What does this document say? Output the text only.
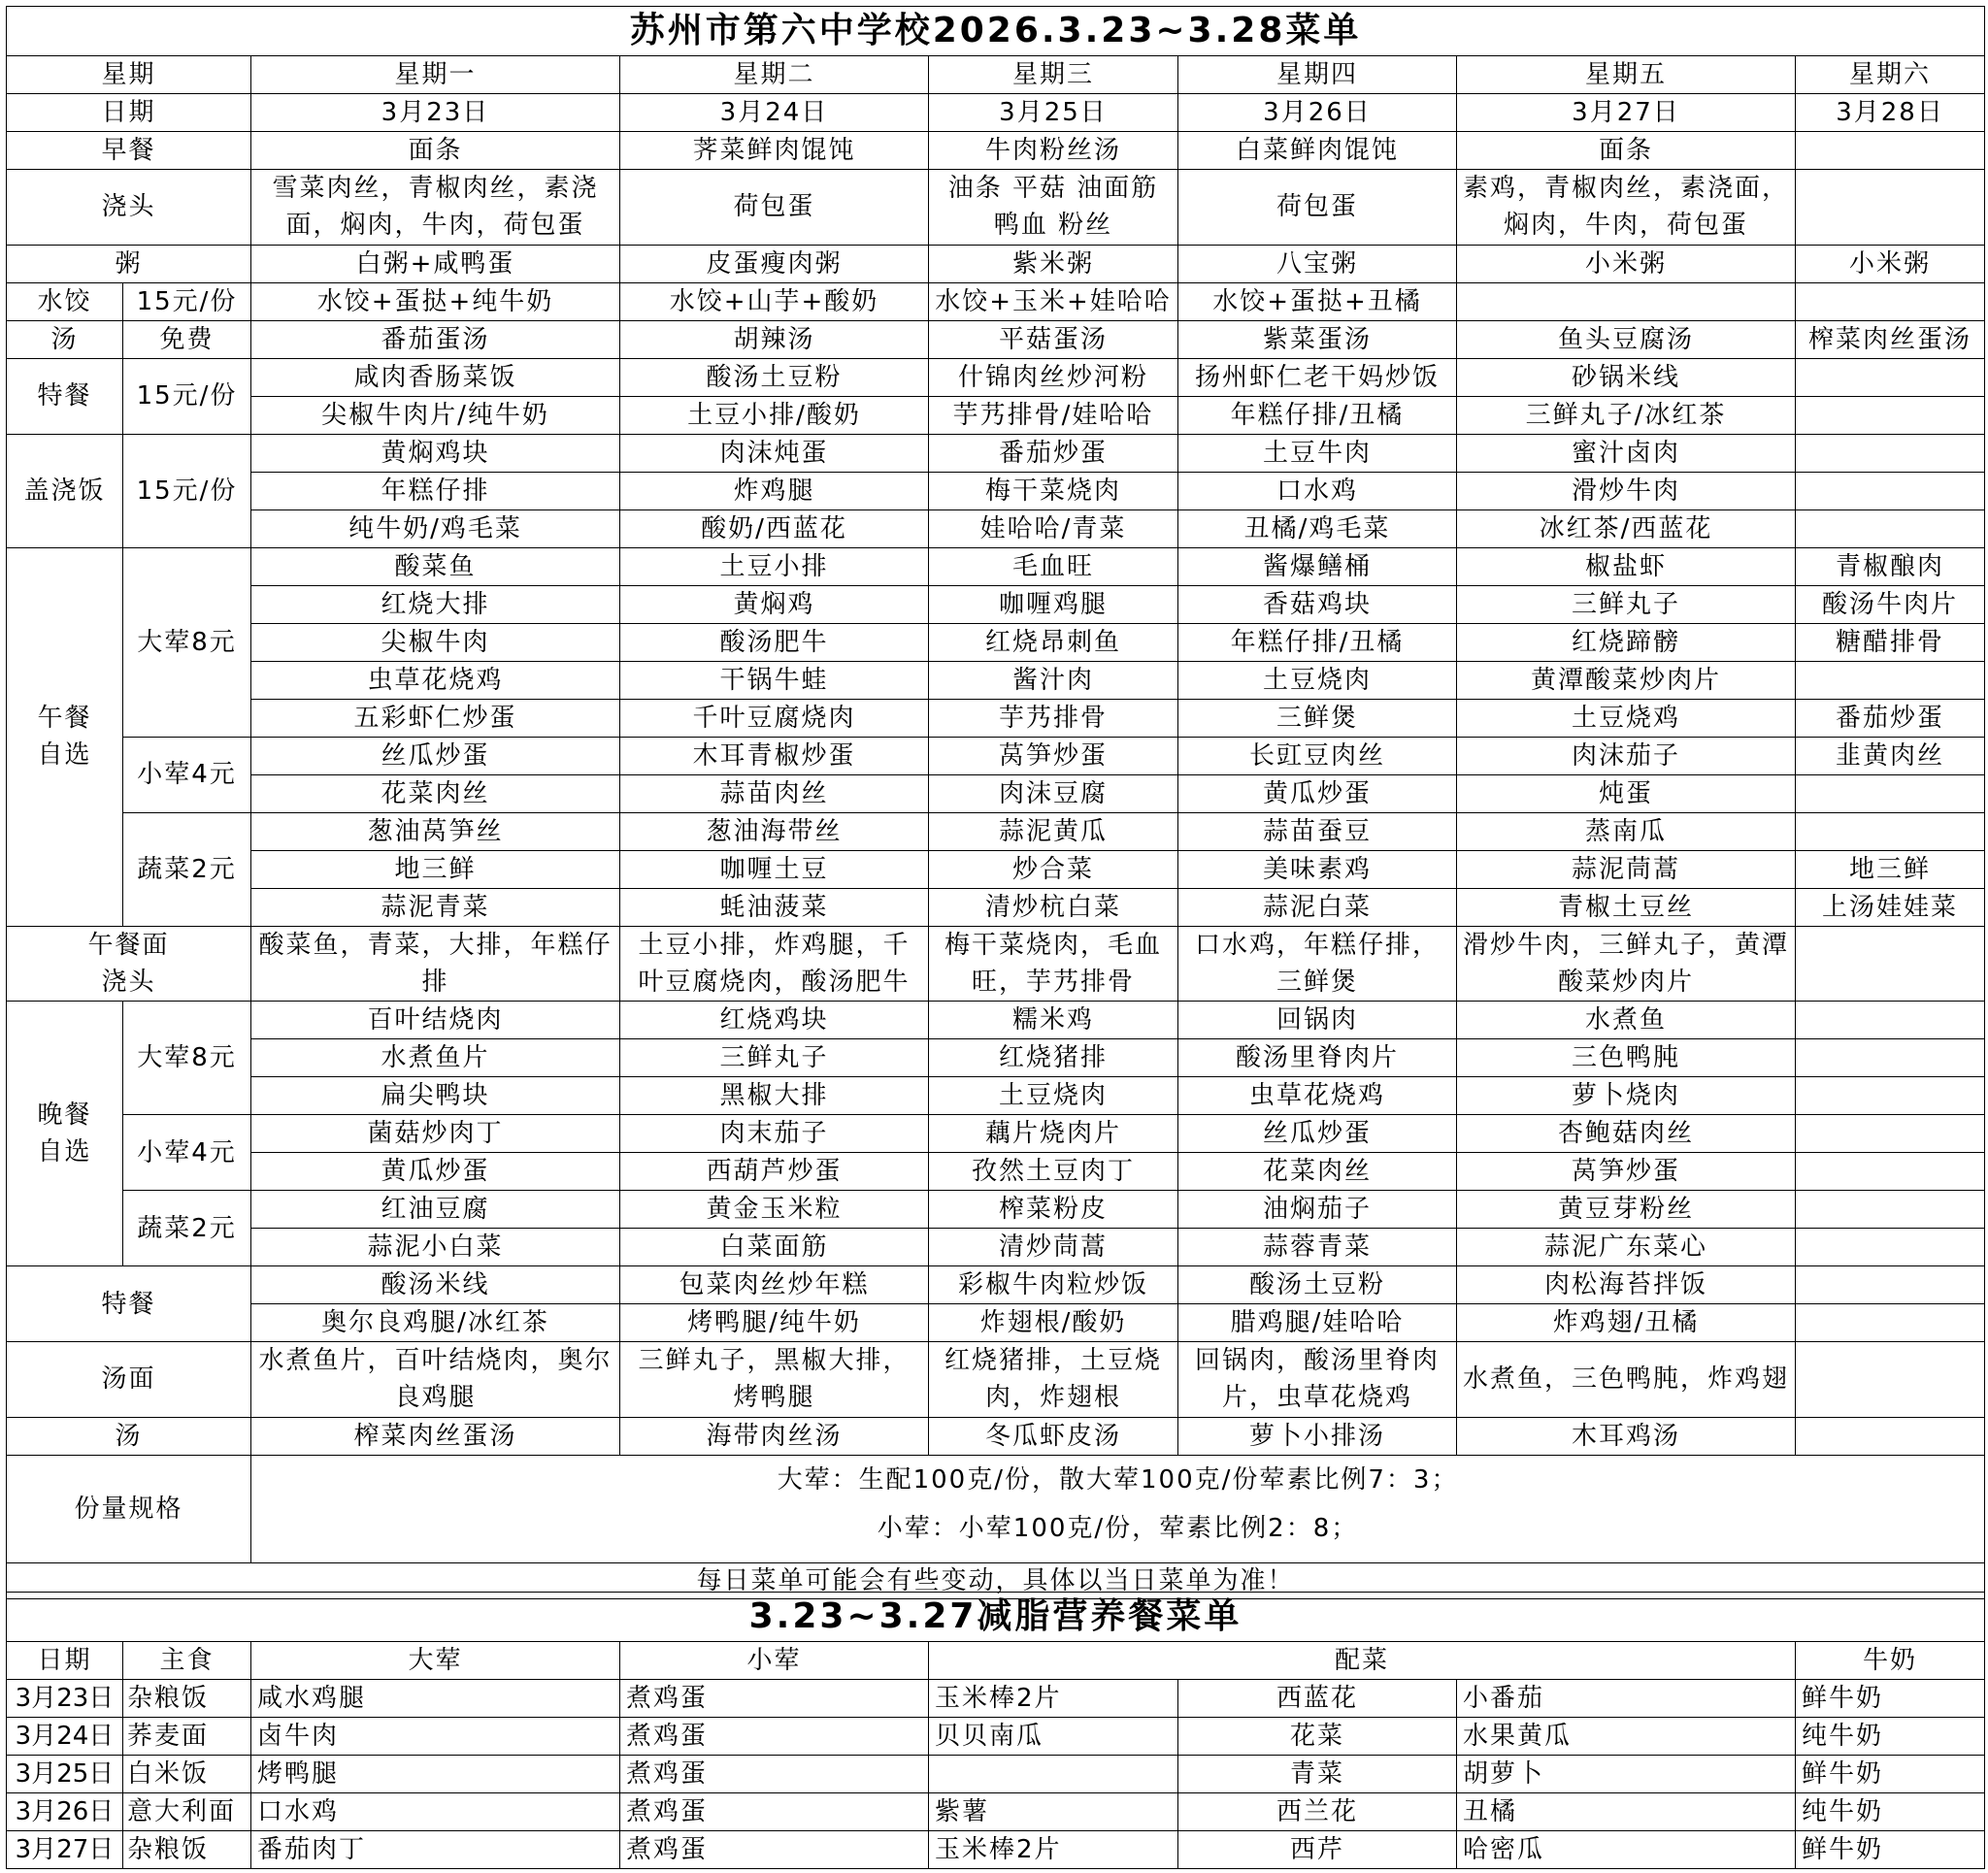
苏州市第六中学校2026.3.23~3.28菜单							
星期		星期一	星期二	星期三	星期四	星期五	星期六
日期		3月23日	3月24日	3月25日	3月26日	3月27日	3月28日
早餐		面条	荠菜鲜肉馄饨	牛肉粉丝汤	白菜鲜肉馄饨	面条	
浇头		雪菜肉丝，青椒肉丝，素浇面，焖肉，牛肉，荷包蛋	荷包蛋	油条 平菇 油面筋 鸭血 粉丝	荷包蛋	素鸡，青椒肉丝，素浇面，焖肉，牛肉，荷包蛋	
粥		白粥+咸鸭蛋	皮蛋瘦肉粥	紫米粥	八宝粥	小米粥	小米粥
水饺	15元/份	水饺+蛋挞+纯牛奶	水饺+山芋+酸奶	水饺+玉米+娃哈哈	水饺+蛋挞+丑橘		
汤	免费	番茄蛋汤	胡辣汤	平菇蛋汤	紫菜蛋汤	鱼头豆腐汤	榨菜肉丝蛋汤
特餐	15元/份	咸肉香肠菜饭	酸汤土豆粉	什锦肉丝炒河粉	扬州虾仁老干妈炒饭	砂锅米线	
		尖椒牛肉片/纯牛奶	土豆小排/酸奶	芋艿排骨/娃哈哈	年糕仔排/丑橘	三鲜丸子/冰红茶	
盖浇饭	15元/份	黄焖鸡块	肉沫炖蛋	番茄炒蛋	土豆牛肉	蜜汁卤肉	
		年糕仔排	炸鸡腿	梅干菜烧肉	口水鸡	滑炒牛肉	
		纯牛奶/鸡毛菜	酸奶/西蓝花	娃哈哈/青菜	丑橘/鸡毛菜	冰红茶/西蓝花	
午餐自选	大荤8元	酸菜鱼	土豆小排	毛血旺	酱爆鳝桶	椒盐虾	青椒酿肉
		红烧大排	黄焖鸡	咖喱鸡腿	香菇鸡块	三鲜丸子	酸汤牛肉片
		尖椒牛肉	酸汤肥牛	红烧昂刺鱼	年糕仔排/丑橘	红烧蹄髈	糖醋排骨
		虫草花烧鸡	干锅牛蛙	酱汁肉	土豆烧肉	黄潭酸菜炒肉片	
		五彩虾仁炒蛋	千叶豆腐烧肉	芋艿排骨	三鲜煲	土豆烧鸡	番茄炒蛋
	小荤4元	丝瓜炒蛋	木耳青椒炒蛋	莴笋炒蛋	长豇豆肉丝	肉沫茄子	韭黄肉丝
		花菜肉丝	蒜苗肉丝	肉沫豆腐	黄瓜炒蛋	炖蛋	
	蔬菜2元	葱油莴笋丝	葱油海带丝	蒜泥黄瓜	蒜苗蚕豆	蒸南瓜	
		地三鲜	咖喱土豆	炒合菜	美味素鸡	蒜泥茼蒿	地三鲜
		蒜泥青菜	蚝油菠菜	清炒杭白菜	蒜泥白菜	青椒土豆丝	上汤娃娃菜
午餐面浇头		酸菜鱼，青菜，大排，年糕仔排	土豆小排，炸鸡腿，千叶豆腐烧肉，酸汤肥牛	梅干菜烧肉，毛血旺，芋艿排骨	口水鸡，年糕仔排，三鲜煲	滑炒牛肉，三鲜丸子，黄潭酸菜炒肉片	
晚餐自选	大荤8元	百叶结烧肉	红烧鸡块	糯米鸡	回锅肉	水煮鱼	
		水煮鱼片	三鲜丸子	红烧猪排	酸汤里脊肉片	三色鸭肫	
		扁尖鸭块	黑椒大排	土豆烧肉	虫草花烧鸡	萝卜烧肉	
	小荤4元	菌菇炒肉丁	肉末茄子	藕片烧肉片	丝瓜炒蛋	杏鲍菇肉丝	
		黄瓜炒蛋	西葫芦炒蛋	孜然土豆肉丁	花菜肉丝	莴笋炒蛋	
	蔬菜2元	红油豆腐	黄金玉米粒	榨菜粉皮	油焖茄子	黄豆芽粉丝	
		蒜泥小白菜	白菜面筋	清炒茼蒿	蒜蓉青菜	蒜泥广东菜心	
特餐		酸汤米线	包菜肉丝炒年糕	彩椒牛肉粒炒饭	酸汤土豆粉	肉松海苔拌饭	
		奥尔良鸡腿/冰红茶	烤鸭腿/纯牛奶	炸翅根/酸奶	腊鸡腿/娃哈哈	炸鸡翅/丑橘	
汤面		水煮鱼片，百叶结烧肉，奥尔良鸡腿	三鲜丸子，黑椒大排，烤鸭腿	红烧猪排，土豆烧肉，炸翅根	回锅肉，酸汤里脊肉片，虫草花烧鸡	水煮鱼，三色鸭肫，炸鸡翅	
汤		榨菜肉丝蛋汤	海带肉丝汤	冬瓜虾皮汤	萝卜小排汤	木耳鸡汤	
份量规格		大荤：生配100克/份，散大荤100克/份荤素比例7：3；
小荤：小荤100克/份，荤素比例2：8；					

每日菜单可能会有些变动，具体以当日菜单为准！							
3.23~3.27减脂营养餐菜单							
日期	主食	大荤	小荤	配菜			牛奶
3月23日	杂粮饭	咸水鸡腿	煮鸡蛋	玉米棒2片	西蓝花	小番茄	鲜牛奶
3月24日	荞麦面	卤牛肉	煮鸡蛋	贝贝南瓜	花菜	水果黄瓜	纯牛奶
3月25日	白米饭	烤鸭腿	煮鸡蛋		青菜	胡萝卜	鲜牛奶
3月26日	意大利面	口水鸡	煮鸡蛋	紫薯	西兰花	丑橘	纯牛奶
3月27日	杂粮饭	番茄肉丁	煮鸡蛋	玉米棒2片	西芹	哈密瓜	鲜牛奶
